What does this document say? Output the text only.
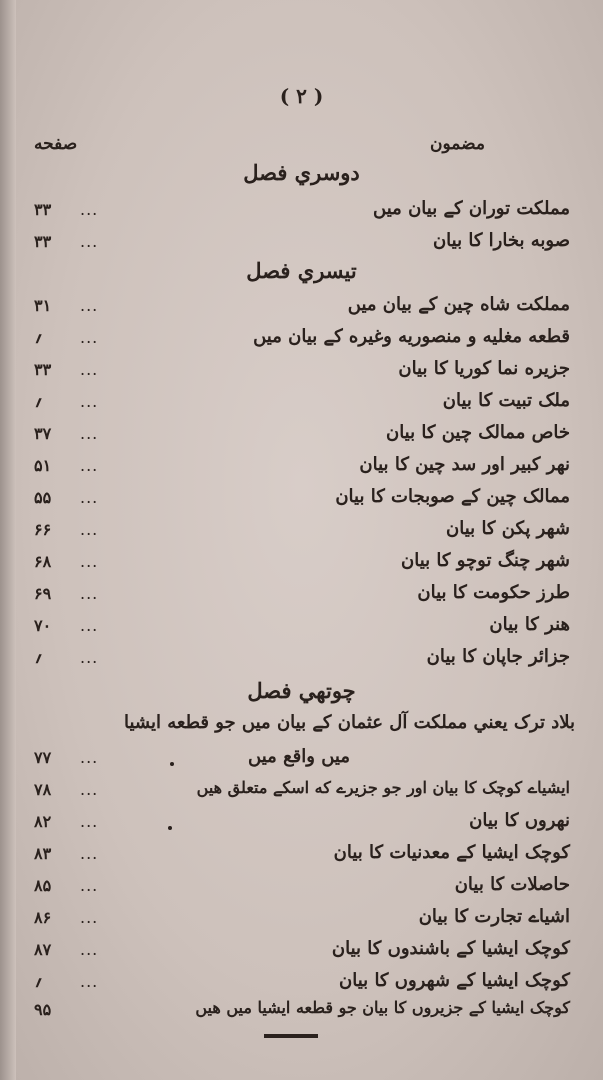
( ۲ )
صفحه	مضمون
دوسري فصل
۳۳	...	مملکت توران کے بیان میں
۳۳	...	صوبه بخارا کا بیان
تیسري فصل
۳۱	...	مملکت شاه چین کے بیان میں
؍	...	قطعه مغلیه و منصوریه وغیره کے بیان میں
۳۳	...	جزیره نما کوریا کا بیان
؍	...	ملک تبیت کا بیان
۳۷	...	خاص ممالک چین کا بیان
۵۱	...	نهر کبیر اور سد چین کا بیان
۵۵	...	ممالک چین کے صوبجات کا بیان
۶۶	...	شهر پکن کا بیان
۶۸	...	شهر چنگ توچو کا بیان
۶۹	...	طرز حکومت کا بیان
۷۰	...	هنر کا بیان
؍	...	جزائر جاپان کا بیان
چوتھي فصل
بلاد ترک یعني مملکت آل عثمان کے بیان میں جو قطعه ایشیا
۷۷	...	میں واقع میں
۷۸	...	ایشیاے کوچک کا بیان اور جو جزیرے که اسکے متعلق هیں
۸۲	...	نهروں کا بیان
۸۳	...	کوچک ایشیا کے معدنیات کا بیان
۸۵	...	حاصلات کا بیان
۸۶	...	اشیاے تجارت کا بیان
۸۷	...	کوچک ایشیا کے باشندوں کا بیان
؍	...	کوچک ایشیا کے شهروں کا بیان
۹۵	کوچک ایشیا کے جزیروں کا بیان جو قطعه ایشیا میں هیں
